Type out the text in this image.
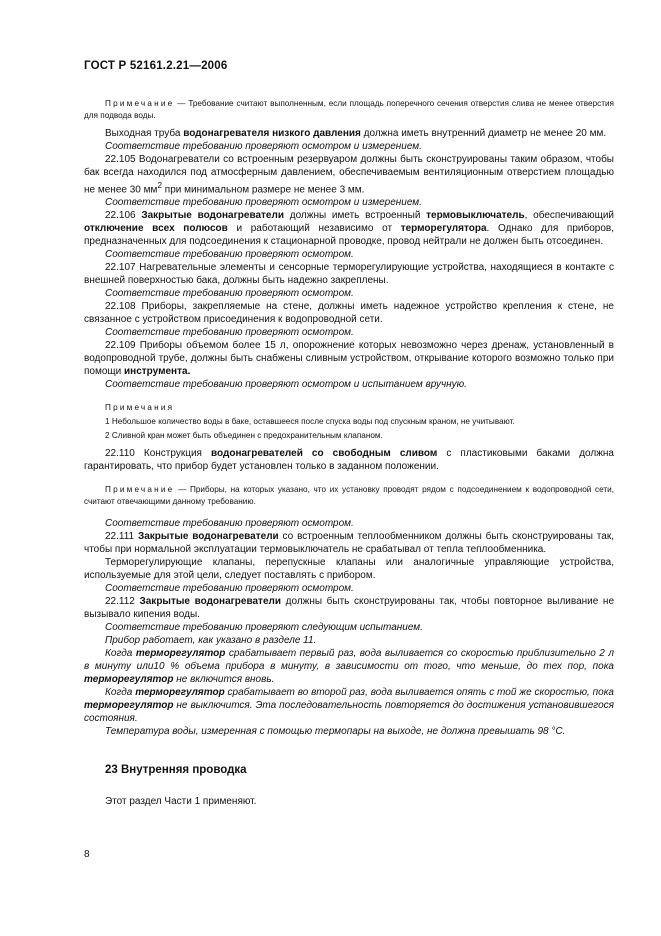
ГОСТ Р 52161.2.21—2006

Примечание — Требование считают выполненным, если площадь поперечного сечения отверстия слива не менее отверстия для подвода воды.

Выходная труба водонагревателя низкого давления должна иметь внутренний диаметр не менее 20 мм.

Соответствие требованию проверяют осмотром и измерением.

22.105 Водонагреватели со встроенным резервуаром должны быть сконструированы таким образом, чтобы бак всегда находился под атмосферным давлением, обеспечиваемым вентиляционным отверстием площадью не менее 30 $мм^2$ при минимальном размере не менее 3 мм.

Соответствие требованию проверяют осмотром и измерением.

22.106 Закрытые водонагреватели должны иметь встроенный термовыключатель, обеспечивающий отключение всех полюсов и работающий независимо от терморегулятора. Однако для приборов, предназначенных для подсоединения к стационарной проводке, провод нейтрали не должен быть отсоединен.

Соответствие требованию проверяют осмотром.

22.107 Нагревательные элементы и сенсорные терморегулирующие устройства, находящиеся в контакте с внешней поверхностью бака, должны быть надежно закреплены.

Соответствие требованию проверяют осмотром.

22.108 Приборы, закрепляемые на стене, должны иметь надежное устройство крепления к стене, не связанное с устройством присоединения к водопроводной сети.

Соответствие требованию проверяют осмотром.

22.109 Приборы объемом более 15 л, опорожнение которых невозможно через дренаж, установленный в водопроводной трубе, должны быть снабжены сливным устройством, открывание которого возможно только при помощи инструмента.

Соответствие требованию проверяют осмотром и испытанием вручную.

Примечания

1 Небольшое количество воды в баке, оставшееся после спуска воды под спускным краном, не учитывают.

2 Сливной кран может быть объединен с предохранительным клапаном.

22.110 Конструкция водонагревателей со свободным сливом с пластиковыми баками должна гарантировать, что прибор будет установлен только в заданном положении.

Примечание — Приборы, на которых указано, что их установку проводят рядом с подсоединением к водопроводной сети, считают отвечающими данному требованию.

Соответствие требованию проверяют осмотром.

22.111 Закрытые водонагреватели со встроенным теплообменником должны быть сконструированы так, чтобы при нормальной эксплуатации термовыключатель не срабатывал от тепла теплообменника.

Терморегулирующие клапаны, перепускные клапаны или аналогичные управляющие устройства, используемые для этой цели, следует поставлять с прибором.

Соответствие требованию проверяют осмотром.

22.112 Закрытые водонагреватели должны быть сконструированы так, чтобы повторное выливание не вызывало кипения воды.

Соответствие требованию проверяют следующим испытанием.

Прибор работает, как указано в разделе 11.

Когда терморегулятор срабатывает первый раз, вода выливается со скоростью приблизительно 2 л в минуту или10 % объема прибора в минуту, в зависимости от того, что меньше, до тех пор, пока терморегулятор не включится вновь.

Когда терморегулятор срабатывает во второй раз, вода выливается опять с той же скоростью, пока терморегулятор не выключится. Эта последовательность повторяется до достижения установившегося состояния.

Температура воды, измеренная с помощью термопары на выходе, не должна превышать 98 °С.

23 Внутренняя проводка

Этот раздел Части 1 применяют.

8
